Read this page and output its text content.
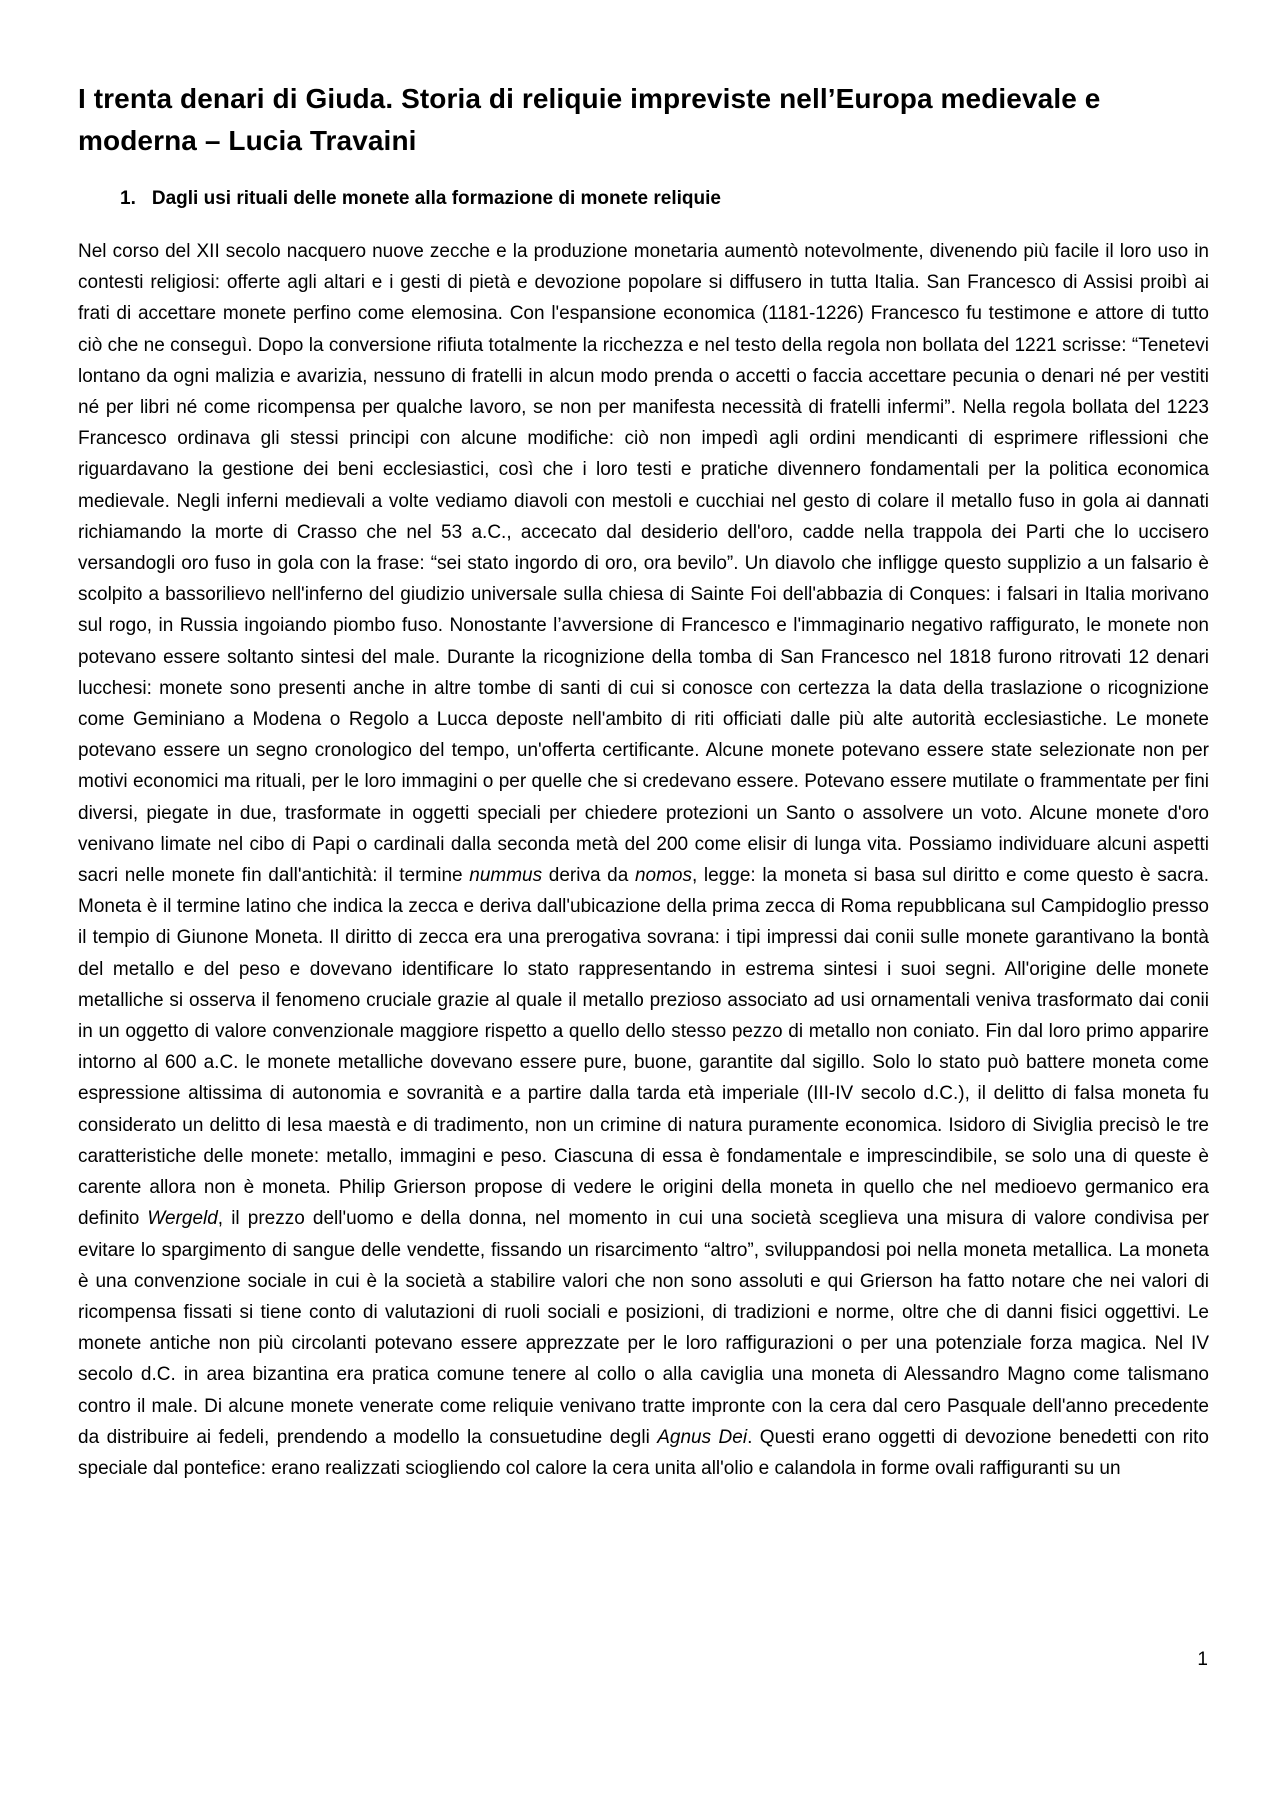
I trenta denari di Giuda. Storia di reliquie impreviste nell’Europa medievale e moderna – Lucia Travaini
1. Dagli usi rituali delle monete alla formazione di monete reliquie

Nel corso del XII secolo nacquero nuove zecche e la produzione monetaria aumentò notevolmente, divenendo più facile il loro uso in contesti religiosi: offerte agli altari e i gesti di pietà e devozione popolare si diffusero in tutta Italia. San Francesco di Assisi proibì ai frati di accettare monete perfino come elemosina. Con l'espansione economica (1181-1226) Francesco fu testimone e attore di tutto ciò che ne conseguì. Dopo la conversione rifiuta totalmente la ricchezza e nel testo della regola non bollata del 1221 scrisse: “Tenetevi lontano da ogni malizia e avarizia, nessuno di fratelli in alcun modo prenda o accetti o faccia accettare pecunia o denari né per vestiti né per libri né come ricompensa per qualche lavoro, se non per manifesta necessità di fratelli infermi”. Nella regola bollata del 1223 Francesco ordinava gli stessi principi con alcune modifiche: ciò non impedì agli ordini mendicanti di esprimere riflessioni che riguardavano la gestione dei beni ecclesiastici, così che i loro testi e pratiche divennero fondamentali per la politica economica medievale. Negli inferni medievali a volte vediamo diavoli con mestoli e cucchiai nel gesto di colare il metallo fuso in gola ai dannati richiamando la morte di Crasso che nel 53 a.C., accecato dal desiderio dell'oro, cadde nella trappola dei Parti che lo uccisero versandogli oro fuso in gola con la frase: “sei stato ingordo di oro, ora bevilo”. Un diavolo che infligge questo supplizio a un falsario è scolpito a bassorilievo nell'inferno del giudizio universale sulla chiesa di Sainte Foi dell'abbazia di Conques: i falsari in Italia morivano sul rogo, in Russia ingoiando piombo fuso. Nonostante l’avversione di Francesco e l'immaginario negativo raffigurato, le monete non potevano essere soltanto sintesi del male. Durante la ricognizione della tomba di San Francesco nel 1818 furono ritrovati 12 denari lucchesi: monete sono presenti anche in altre tombe di santi di cui si conosce con certezza la data della traslazione o ricognizione come Geminiano a Modena o Regolo a Lucca deposte nell'ambito di riti officiati dalle più alte autorità ecclesiastiche. Le monete potevano essere un segno cronologico del tempo, un'offerta certificante. Alcune monete potevano essere state selezionate non per motivi economici ma rituali, per le loro immagini o per quelle che si credevano essere. Potevano essere mutilate o frammentate per fini diversi, piegate in due, trasformate in oggetti speciali per chiedere protezioni un Santo o assolvere un voto. Alcune monete d'oro venivano limate nel cibo di Papi o cardinali dalla seconda metà del 200 come elisir di lunga vita. Possiamo individuare alcuni aspetti sacri nelle monete fin dall'antichità: il termine nummus deriva da nomos, legge: la moneta si basa sul diritto e come questo è sacra. Moneta è il termine latino che indica la zecca e deriva dall'ubicazione della prima zecca di Roma repubblicana sul Campidoglio presso il tempio di Giunone Moneta. Il diritto di zecca era una prerogativa sovrana: i tipi impressi dai conii sulle monete garantivano la bontà del metallo e del peso e dovevano identificare lo stato rappresentando in estrema sintesi i suoi segni. All'origine delle monete metalliche si osserva il fenomeno cruciale grazie al quale il metallo prezioso associato ad usi ornamentali veniva trasformato dai conii in un oggetto di valore convenzionale maggiore rispetto a quello dello stesso pezzo di metallo non coniato. Fin dal loro primo apparire intorno al 600 a.C. le monete metalliche dovevano essere pure, buone, garantite dal sigillo. Solo lo stato può battere moneta come espressione altissima di autonomia e sovranità e a partire dalla tarda età imperiale (III-IV secolo d.C.), il delitto di falsa moneta fu considerato un delitto di lesa maestà e di tradimento, non un crimine di natura puramente economica. Isidoro di Siviglia precisò le tre caratteristiche delle monete: metallo, immagini e peso. Ciascuna di essa è fondamentale e imprescindibile, se solo una di queste è carente allora non è moneta. Philip Grierson propose di vedere le origini della moneta in quello che nel medioevo germanico era definito Wergeld, il prezzo dell'uomo e della donna, nel momento in cui una società sceglieva una misura di valore condivisa per evitare lo spargimento di sangue delle vendette, fissando un risarcimento “altro”, sviluppandosi poi nella moneta metallica. La moneta è una convenzione sociale in cui è la società a stabilire valori che non sono assoluti e qui Grierson ha fatto notare che nei valori di ricompensa fissati si tiene conto di valutazioni di ruoli sociali e posizioni, di tradizioni e norme, oltre che di danni fisici oggettivi. Le monete antiche non più circolanti potevano essere apprezzate per le loro raffigurazioni o per una potenziale forza magica. Nel IV secolo d.C. in area bizantina era pratica comune tenere al collo o alla caviglia una moneta di Alessandro Magno come talismano contro il male. Di alcune monete venerate come reliquie venivano tratte impronte con la cera dal cero Pasquale dell'anno precedente da distribuire ai fedeli, prendendo a modello la consuetudine degli Agnus Dei. Questi erano oggetti di devozione benedetti con rito speciale dal pontefice: erano realizzati sciogliendo col calore la cera unita all'olio e calandola in forme ovali raffiguranti su un

1
